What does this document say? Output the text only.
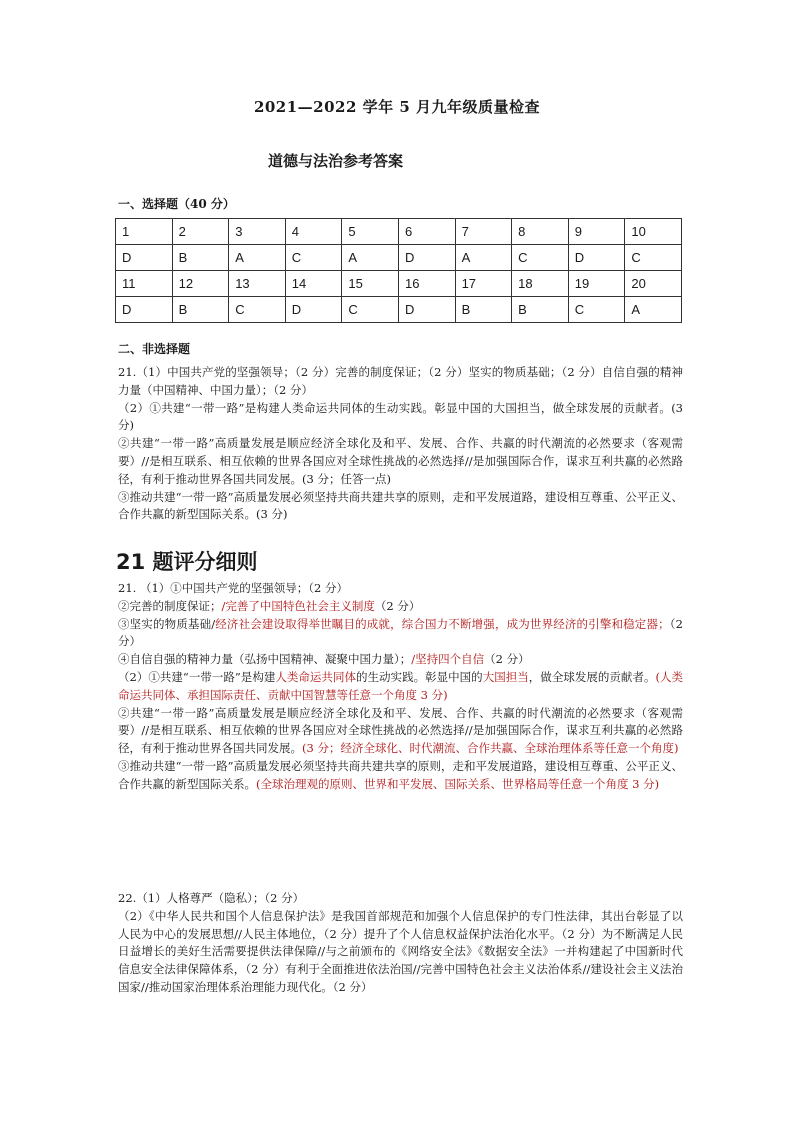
2021—2022 学年 5 月九年级质量检查
道德与法治参考答案
一、选择题（40 分）
1	2	3	4	5	6	7	8	9	10
D	B	A	C	A	D	A	C	D	C
11	12	13	14	15	16	17	18	19	20
D	B	C	D	C	D	B	B	C	A
二、非选择题

21.（1）中国共产党的坚强领导；（2 分）完善的制度保证；（2 分）坚实的物质基础；（2 分）自信自强的精神力量（中国精神、中国力量）；（2 分）

（2）①共建“一带一路”是构建人类命运共同体的生动实践。彰显中国的大国担当，做全球发展的贡献者。(3 分)

②共建“一带一路”高质量发展是顺应经济全球化及和平、发展、合作、共赢的时代潮流的必然要求（客观需要）//是相互联系、相互依赖的世界各国应对全球性挑战的必然选择//是加强国际合作，谋求互利共赢的必然路径，有利于推动世界各国共同发展。(3 分；任答一点)

③推动共建“一带一路”高质量发展必须坚持共商共建共享的原则，走和平发展道路，建设相互尊重、公平正义、合作共赢的新型国际关系。(3 分)

21 题评分细则

21. （1）①中国共产党的坚强领导；（2 分）

②完善的制度保证；/完善了中国特色社会主义制度（2 分）

③坚实的物质基础/经济社会建设取得举世瞩目的成就，综合国力不断增强，成为世界经济的引擎和稳定器；（2 分）

④自信自强的精神力量（弘扬中国精神、凝聚中国力量）；/坚持四个自信（2 分）

（2）①共建“一带一路”是构建人类命运共同体的生动实践。彰显中国的大国担当，做全球发展的贡献者。(人类命运共同体、承担国际责任、贡献中国智慧等任意一个角度 3 分)

②共建“一带一路”高质量发展是顺应经济全球化及和平、发展、合作、共赢的时代潮流的必然要求（客观需要）//是相互联系、相互依赖的世界各国应对全球性挑战的必然选择//是加强国际合作，谋求互利共赢的必然路径，有利于推动世界各国共同发展。(3 分；经济全球化、时代潮流、合作共赢、全球治理体系等任意一个角度)

③推动共建“一带一路”高质量发展必须坚持共商共建共享的原则，走和平发展道路，建设相互尊重、公平正义、合作共赢的新型国际关系。(全球治理观的原则、世界和平发展、国际关系、世界格局等任意一个角度 3 分)

22.（1）人格尊严（隐私）；（2 分）

（2）《中华人民共和国个人信息保护法》是我国首部规范和加强个人信息保护的专门性法律，其出台彰显了以人民为中心的发展思想//人民主体地位，（2 分）提升了个人信息权益保护法治化水平。（2 分）为不断满足人民日益增长的美好生活需要提供法律保障//与之前颁布的《网络安全法》《数据安全法》一并构建起了中国新时代信息安全法律保障体系，（2 分）有利于全面推进依法治国//完善中国特色社会主义法治体系//建设社会主义法治国家//推动国家治理体系治理能力现代化。（2 分）
